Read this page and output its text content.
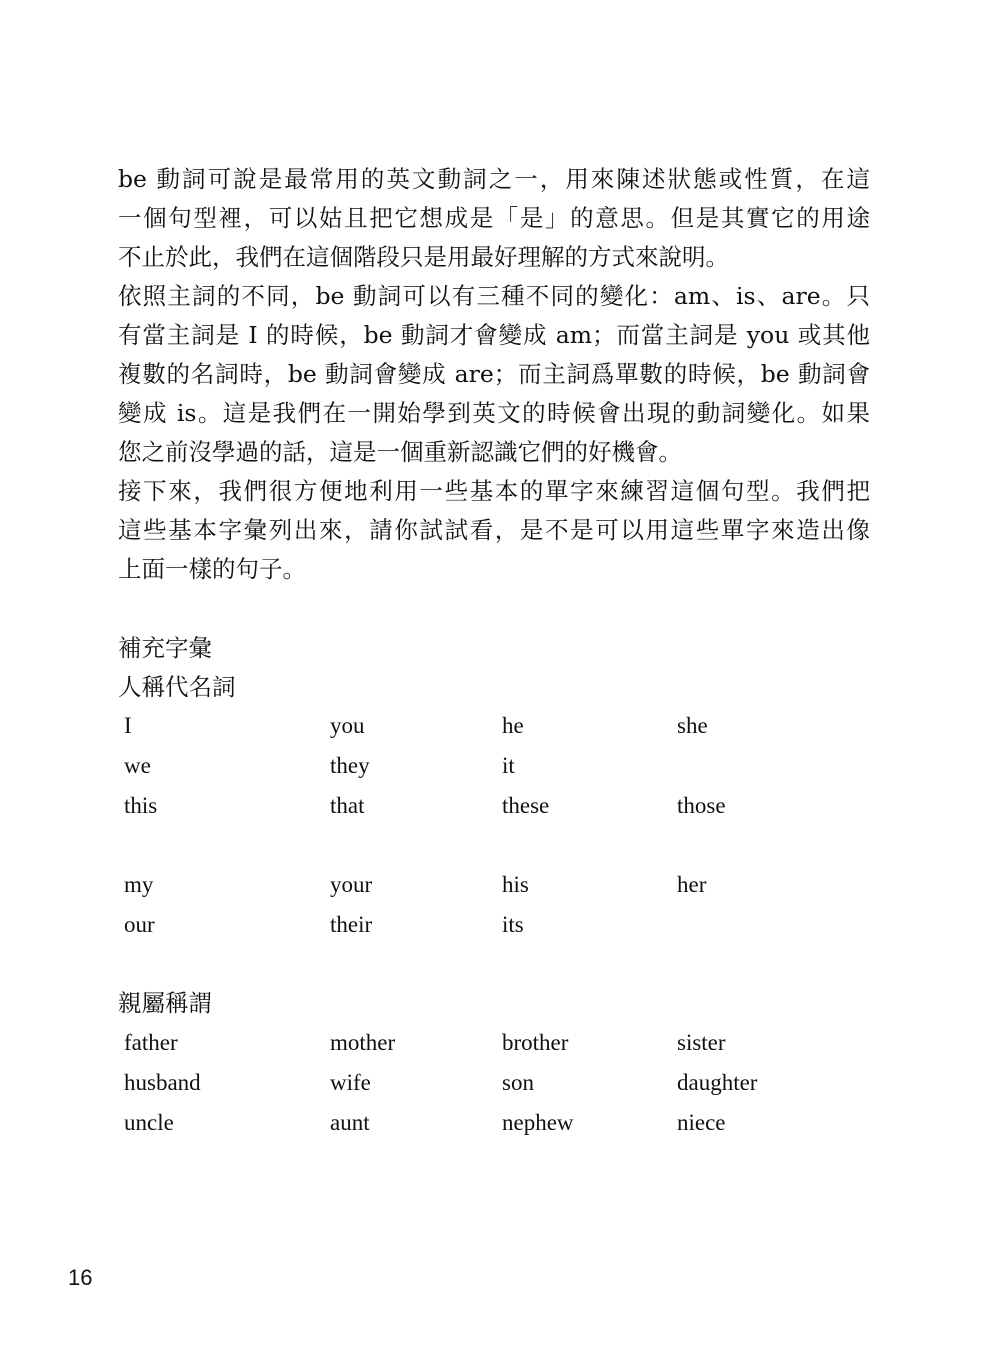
be 動詞可說是最常用的英文動詞之一，用來陳述狀態或性質，在這
一個句型裡，可以姑且把它想成是「是」的意思。但是其實它的用途
不止於此，我們在這個階段只是用最好理解的方式來說明。
依照主詞的不同，be 動詞可以有三種不同的變化：am、is、are。只
有當主詞是 I 的時候，be 動詞才會變成 am；而當主詞是 you 或其他
複數的名詞時，be 動詞會變成 are；而主詞爲單數的時候，be 動詞會
變成 is。這是我們在一開始學到英文的時候會出現的動詞變化。如果
您之前沒學過的話，這是一個重新認識它們的好機會。
接下來，我們很方便地利用一些基本的單字來練習這個句型。我們把
這些基本字彙列出來，請你試試看，是不是可以用這些單字來造出像
上面一樣的句子。
補充字彙
人稱代名詞
I	you	he	she
we	they	it
this	that	these	those
my	your	his	her
our	their	its
親屬稱謂
father	mother	brother	sister
husband	wife	son	daughter
uncle	aunt	nephew	niece
16
